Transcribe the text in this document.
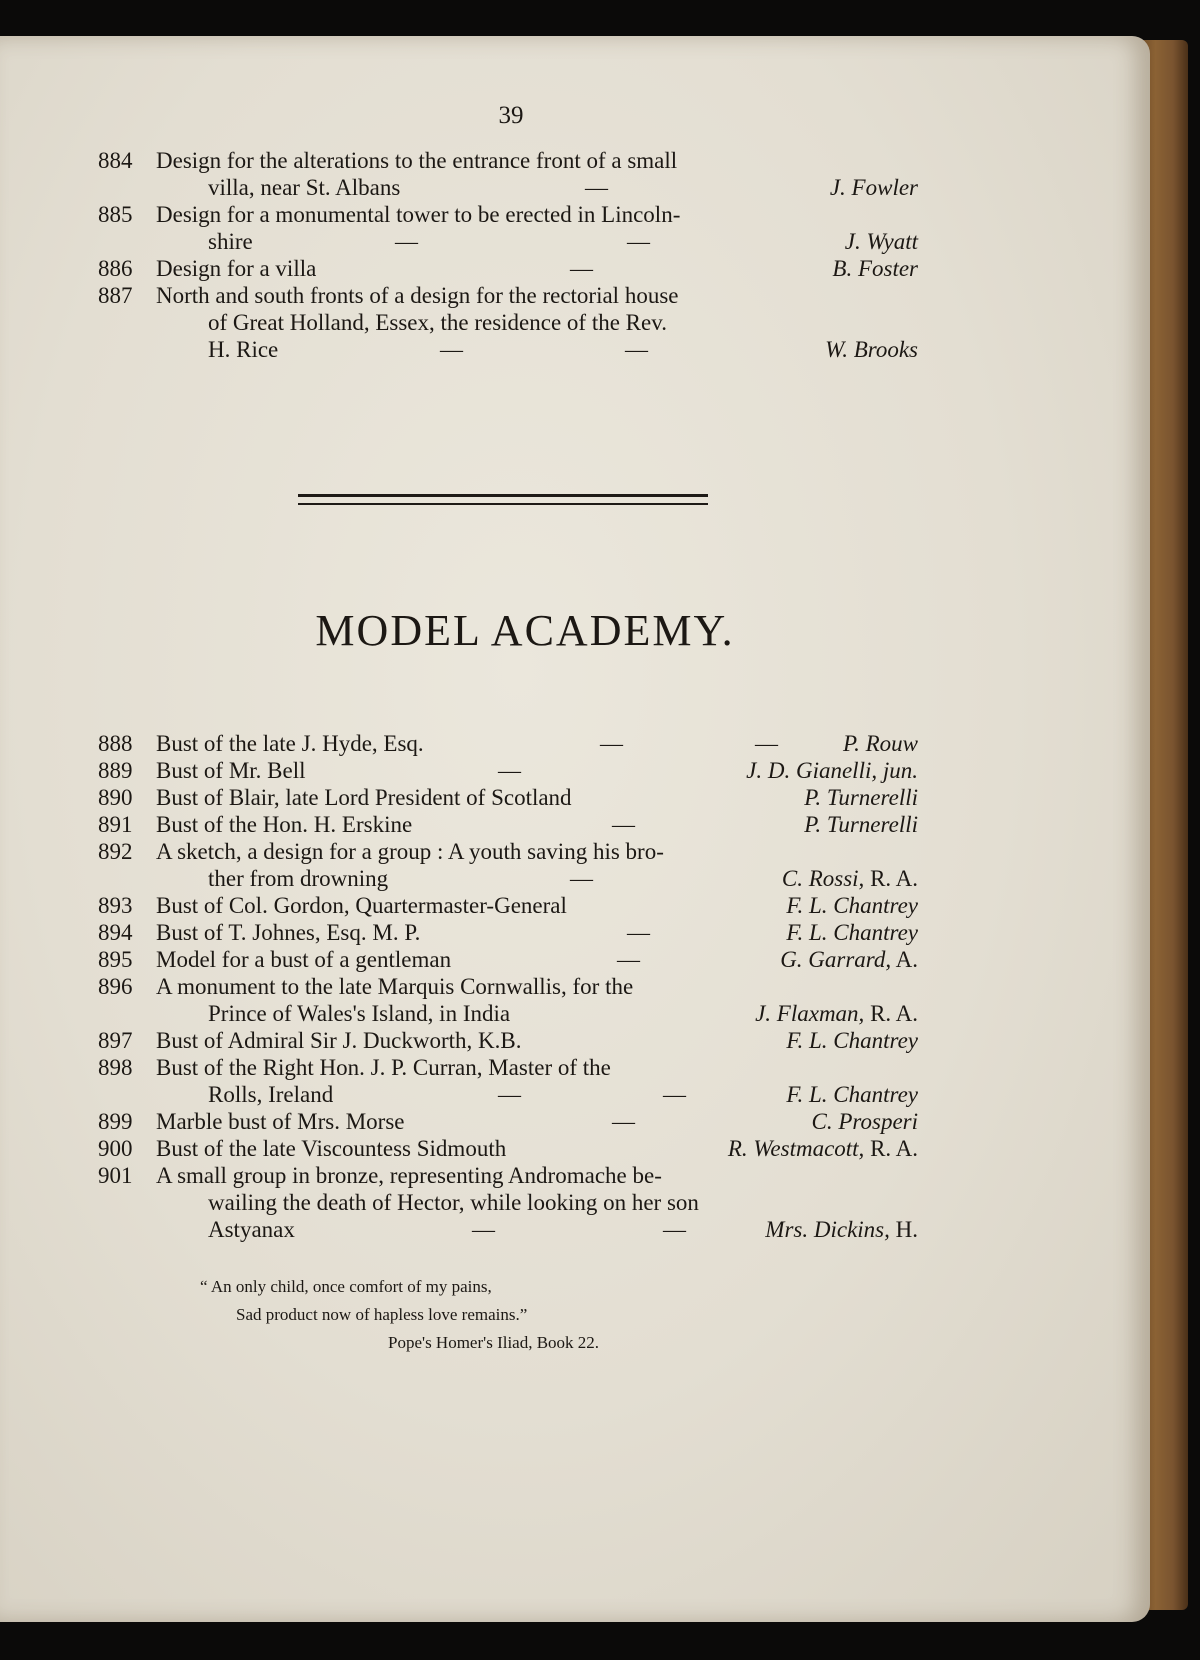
39
884	Design for the alterations to the entrance front of a small
villa, near St. Albans	—	J. Fowler
885	Design for a monumental tower to be erected in Lincoln-
shire	—	—	J. Wyatt
886	Design for a villa	—	B. Foster
887	North and south fronts of a design for the rectorial house
of Great Holland, Essex, the residence of the Rev.
H. Rice	—	—	W. Brooks
MODEL ACADEMY.
888	Bust of the late J. Hyde, Esq.	—	—	P. Rouw
889	Bust of Mr. Bell	—	J. D. Gianelli, jun.
890	Bust of Blair, late Lord President of Scotland	P. Turnerelli
891	Bust of the Hon. H. Erskine	—	P. Turnerelli
892	A sketch, a design for a group : A youth saving his bro-
ther from drowning	—	C. Rossi, R. A.
893	Bust of Col. Gordon, Quartermaster-General	F. L. Chantrey
894	Bust of T. Johnes, Esq. M. P.	—	F. L. Chantrey
895	Model for a bust of a gentleman	—	G. Garrard, A.
896	A monument to the late Marquis Cornwallis, for the
Prince of Wales's Island, in India	J. Flaxman, R. A.
897	Bust of Admiral Sir J. Duckworth, K.B.	F. L. Chantrey
898	Bust of the Right Hon. J. P. Curran, Master of the
Rolls, Ireland	—	—	F. L. Chantrey
899	Marble bust of Mrs. Morse	—	C. Prosperi
900	Bust of the late Viscountess Sidmouth	R. Westmacott, R. A.
901	A small group in bronze, representing Andromache be-
wailing the death of Hector, while looking on her son
Astyanax	—	—	Mrs. Dickins, H.
“ An only child, once comfort of my pains,
Sad product now of hapless love remains.”
Pope's Homer's Iliad, Book 22.
